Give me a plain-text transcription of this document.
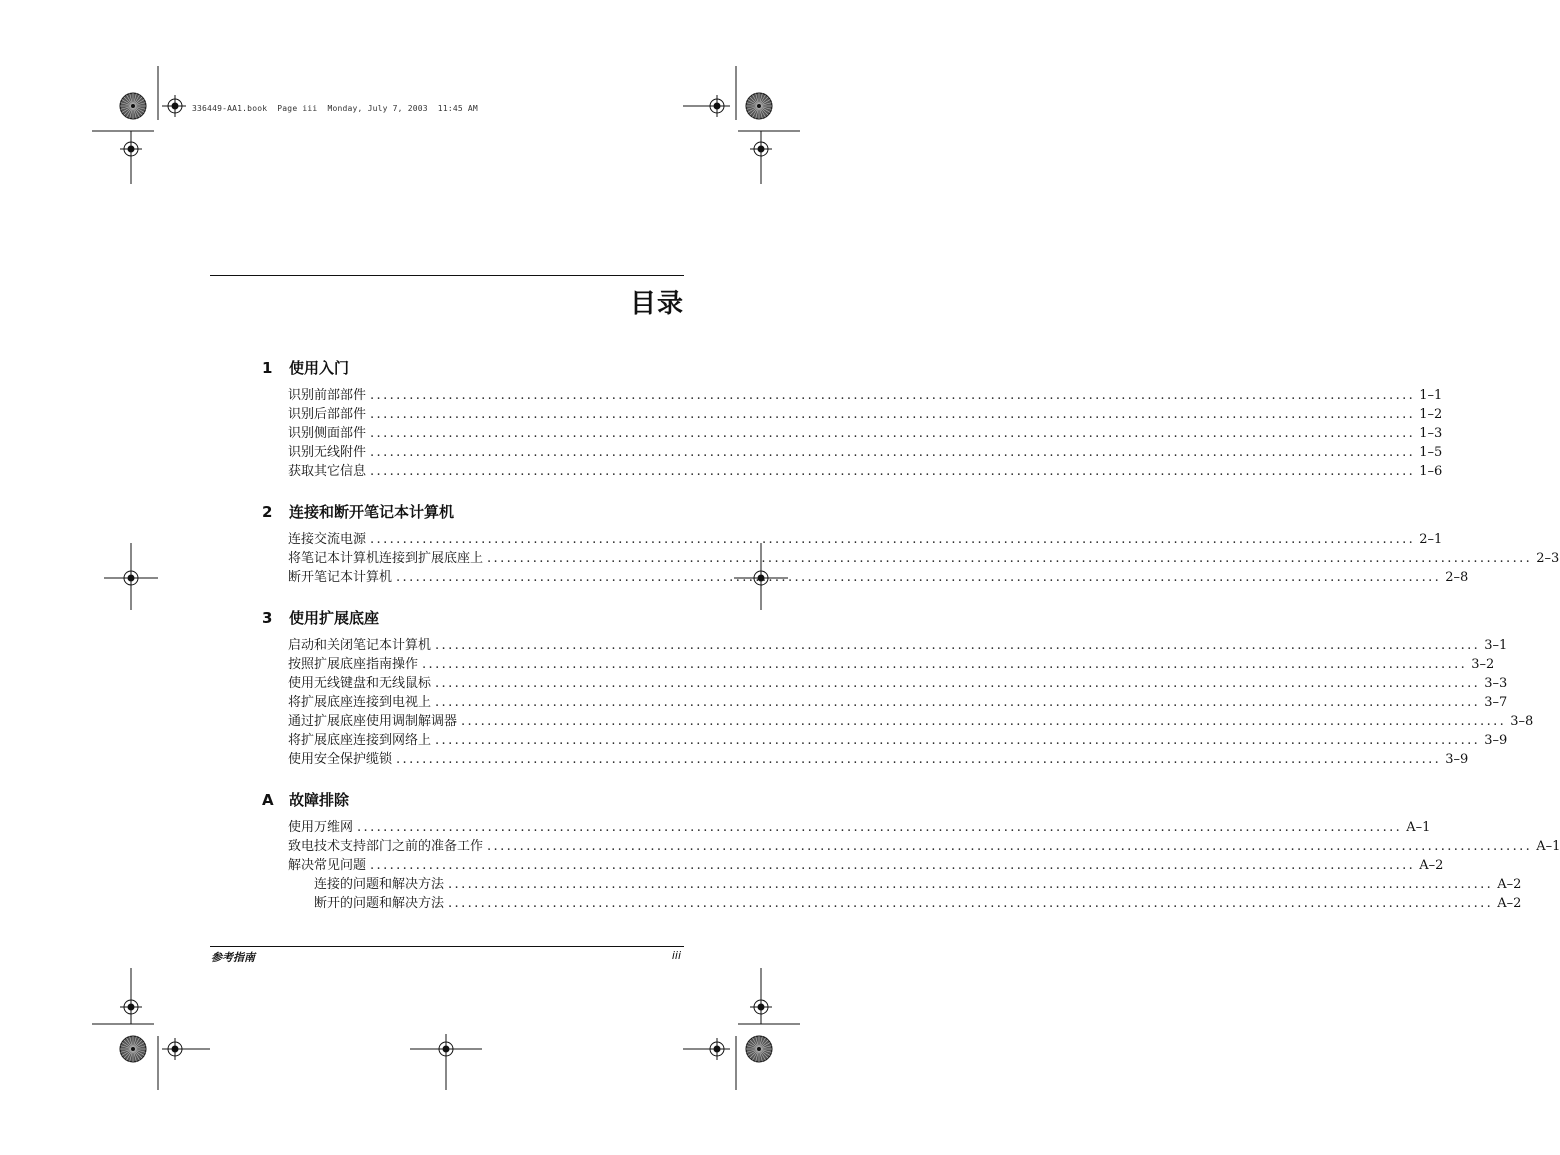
336449-AA1.book  Page iii  Monday, July 7, 2003  11:45 AM
目录
1 使用入门
识别前部部件 ................................................................................................................................................................ 1–1
识别后部部件 ................................................................................................................................................................ 1–2
识别侧面部件 ................................................................................................................................................................ 1–3
识别无线附件 ................................................................................................................................................................ 1–5
获取其它信息 ................................................................................................................................................................ 1–6
2 连接和断开笔记本计算机
连接交流电源 ................................................................................................................................................................ 2–1
将笔记本计算机连接到扩展底座上 ................................................................................................................................................................ 2–3
断开笔记本计算机 ................................................................................................................................................................ 2–8
3 使用扩展底座
启动和关闭笔记本计算机 ................................................................................................................................................................ 3–1
按照扩展底座指南操作 ................................................................................................................................................................ 3–2
使用无线键盘和无线鼠标 ................................................................................................................................................................ 3–3
将扩展底座连接到电视上 ................................................................................................................................................................ 3–7
通过扩展底座使用调制解调器 ................................................................................................................................................................ 3–8
将扩展底座连接到网络上 ................................................................................................................................................................ 3–9
使用安全保护缆锁 ................................................................................................................................................................ 3–9
A 故障排除
使用万维网 ................................................................................................................................................................ A–1
致电技术支持部门之前的准备工作 ................................................................................................................................................................ A–1
解决常见问题 ................................................................................................................................................................ A–2
连接的问题和解决方法 ................................................................................................................................................................ A–2
断开的问题和解决方法 ................................................................................................................................................................ A–2
参考指南	iii
